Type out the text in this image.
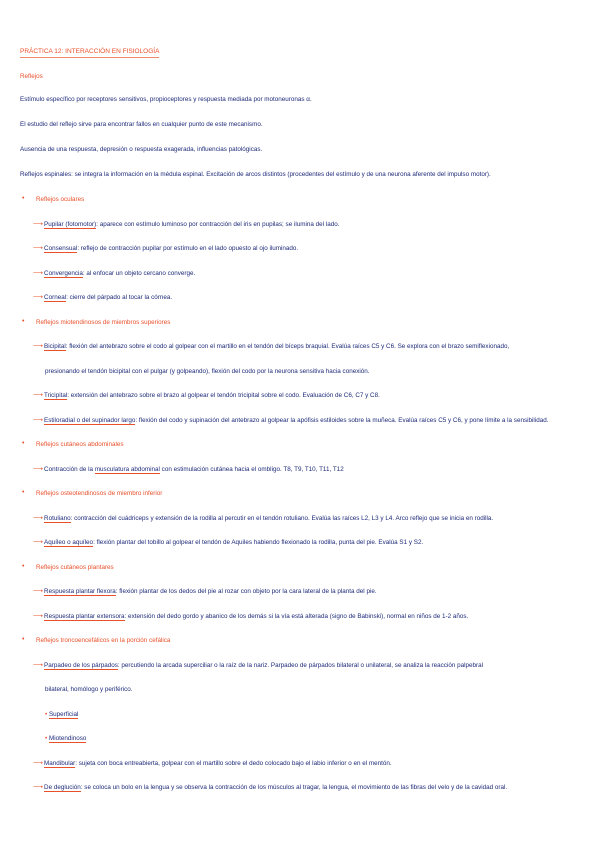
PRÁCTICA 12: INTERACCIÓN EN FISIOLOGÍA
Reflejos
Estímulo específico por receptores sensitivos, propioceptores y respuesta mediada por motoneuronas α.
El estudio del reflejo sirve para encontrar fallos en cualquier punto de este mecanismo.
Ausencia de una respuesta, depresión o respuesta exagerada, influencias patológicas.
Reflejos espinales: se integra la información en la médula espinal. Excitación de arcos distintos (procedentes del estímulo y de una neurona aferente del impulso motor).
• Reflejos oculares
⟶Pupilar (fotomotor): aparece con estímulo luminoso por contracción del iris en pupilas; se ilumina del lado.
⟶Consensual: reflejo de contracción pupilar por estímulo en el lado opuesto al ojo iluminado.
⟶Convergencia: al enfocar un objeto cercano converge.
⟶Corneal: cierre del párpado al tocar la córnea.
• Reflejos miotendinosos de miembros superiores
⟶Bicipital: flexión del antebrazo sobre el codo al golpear con el martillo en el tendón del bíceps braquial. Evalúa raíces C5 y C6. Se explora con el brazo semiflexionado,
presionando el tendón bicipital con el pulgar (y golpeando), flexión del codo por la neurona sensitiva hacia conexión.
⟶Tricipital: extensión del antebrazo sobre el brazo al golpear el tendón tricipital sobre el codo. Evaluación de C6, C7 y C8.
⟶Estiloradial o del supinador largo: flexión del codo y supinación del antebrazo al golpear la apófisis estiloides sobre la muñeca. Evalúa raíces C5 y C6, y pone límite a la sensibilidad.
• Reflejos cutáneos abdominales
⟶Contracción de la musculatura abdominal con estimulación cutánea hacia el ombligo. T8, T9, T10, T11, T12
• Reflejos osteotendinosos de miembro inferior
⟶Rotuliano: contracción del cuádriceps y extensión de la rodilla al percutir en el tendón rotuliano. Evalúa las raíces L2, L3 y L4. Arco reflejo que se inicia en rodilla.
⟶Aquíleo o aquíleo: flexión plantar del tobillo al golpear el tendón de Aquiles habiendo flexionado la rodilla, punta del pie. Evalúa S1 y S2.
• Reflejos cutáneos plantares
⟶Respuesta plantar flexora: flexión plantar de los dedos del pie al rozar con objeto por la cara lateral de la planta del pie.
⟶Respuesta plantar extensora: extensión del dedo gordo y abanico de los demás si la vía está alterada (signo de Babinski), normal en niños de 1-2 años.
• Reflejos troncoencefálicos en la porción cefálica
⟶Parpadeo de los párpados: percutiendo la arcada superciliar o la raíz de la nariz. Parpadeo de párpados bilateral o unilateral, se analiza la reacción palpebral
bilateral, homólogo y periférico.
• Superficial
• Miotendinoso
⟶Mandibular: sujeta con boca entreabierta, golpear con el martillo sobre el dedo colocado bajo el labio inferior o en el mentón.
⟶De deglución: se coloca un bolo en la lengua y se observa la contracción de los músculos al tragar, la lengua, el movimiento de las fibras del velo y de la cavidad oral.
